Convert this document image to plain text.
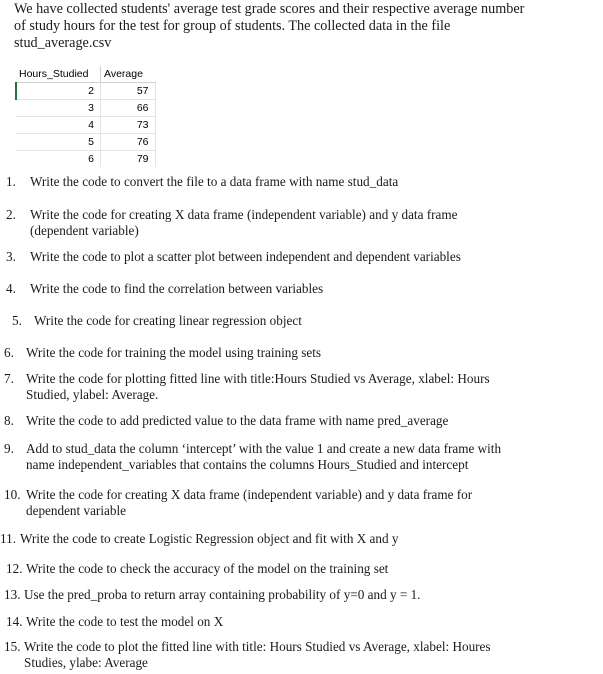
We have collected students' average test grade scores and their respective average number
of study hours for the test for group of students. The collected data in the file
stud_average.csv
Hours_Studied	Average
2	57
3	66
4	73
5	76
6	79
1.	Write the code to convert the file to a data frame with name stud_data
2.	Write the code for creating X data frame (independent variable) and y data frame
(dependent variable)
3.	Write the code to plot a scatter plot between independent and dependent variables
4.	Write the code to find the correlation between variables
5. Write the code for creating linear regression object
6. Write the code for training the model using training sets
7. Write the code for plotting fitted line with title:Hours Studied vs Average, xlabel: Hours
Studied, ylabel: Average.
8. Write the code to add predicted value to the data frame with name pred_average
9. Add to stud_data the column ‘intercept’ with the value 1 and create a new data frame with
name independent_variables that contains the columns Hours_Studied and intercept
10. Write the code for creating X data frame (independent variable) and y data frame for
dependent variable
11. Write the code to create Logistic Regression object and fit with X and y
12. Write the code to check the accuracy of the model on the training set
13. Use the pred_proba to return array containing probability of y=0 and y = 1.
14. Write the code to test the model on X
15. Write the code to plot the fitted line with title: Hours Studied vs Average, xlabel: Houres
Studies, ylabe: Average
